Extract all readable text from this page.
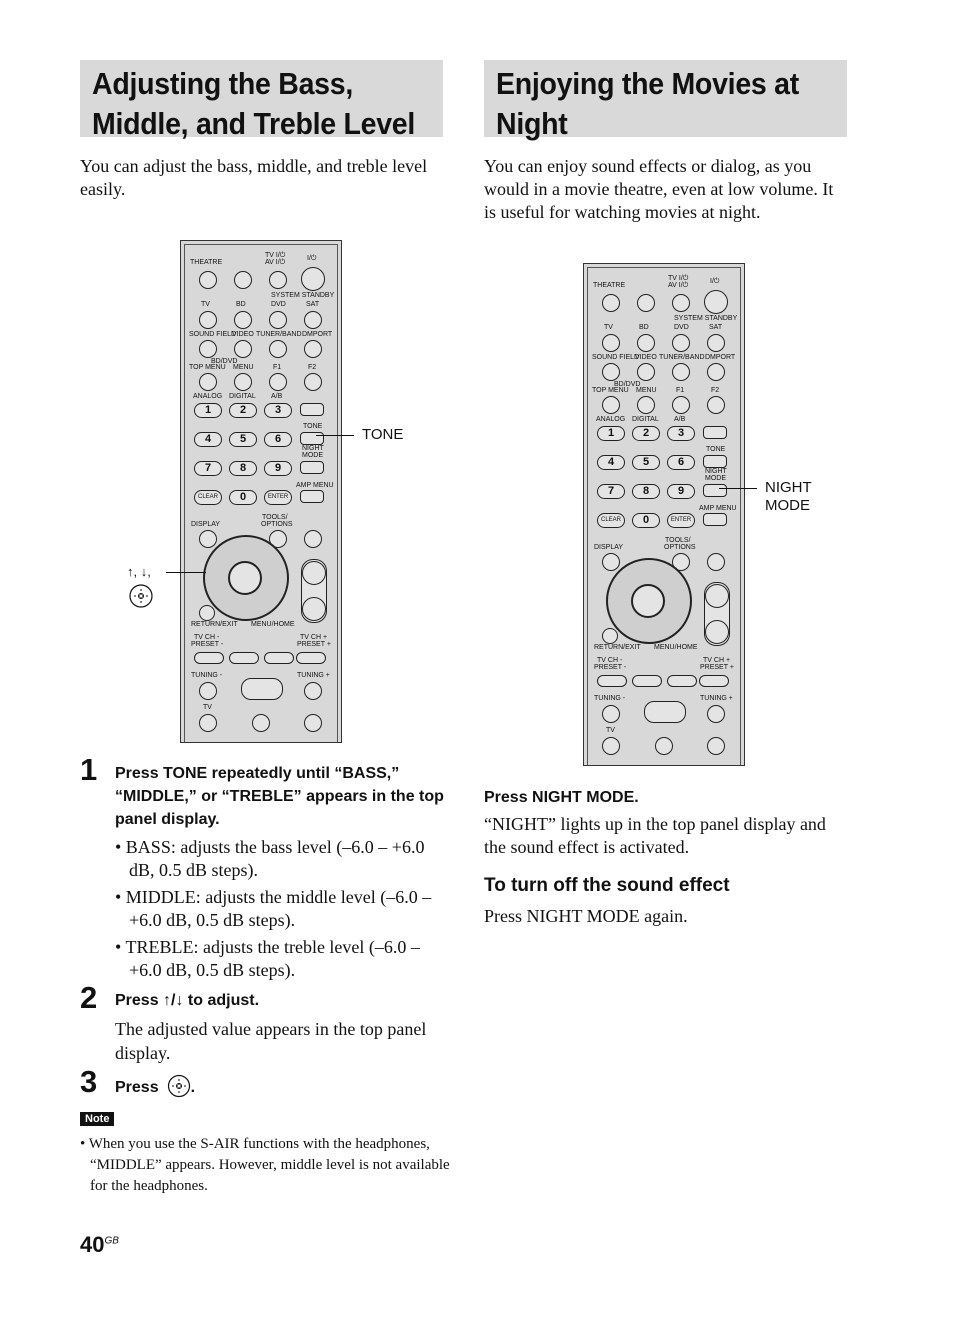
Adjusting the Bass,
Middle, and Treble Level

You can adjust the bass, middle, and treble level easily.

Enjoying the Movies at
Night

You can enjoy sound effects or dialog, as you would in a movie theatre, even at low volume. It is useful for watching movies at night.

THEATRE
TV I/⏻
AV I/⏻
I/⏻
SYSTEM STANDBY
TV	BD	DVD	SAT
SOUND FIELD
VIDEO TUNER/BAND DMPORT
BD/DVD
TOP MENU MENU	F1	F2
ANALOG DIGITAL A/B
1	2	3
4	5	6
7	8	9
0
TONE
NIGHT
MODE
AMP MENU
CLEAR	ENTER
DISPLAY
TOOLS/
OPTIONS
RETURN/EXIT MENU/HOME
TV CH -
PRESET -
TV CH +
PRESET +
TUNING -	TUNING +
TV
THEATRE
TV I/⏻
AV I/⏻
I/⏻
SYSTEM STANDBY
TV	BD	DVD	SAT
SOUND FIELD
VIDEO TUNER/BAND DMPORT
BD/DVD
TOP MENU MENU	F1	F2
ANALOG DIGITAL A/B
1	2	3
4	5	6
7	8	9
0
TONE
NIGHT
MODE
AMP MENU
CLEAR	ENTER
DISPLAY
TOOLS/
OPTIONS
RETURN/EXIT MENU/HOME
TV CH -
PRESET -
TV CH +
PRESET +
TUNING -	TUNING +
TV
TONE
↑, ↓,
NIGHT
MODE
1 Press TONE repeatedly until “BASS,” “MIDDLE,” or “TREBLE” appears in the top panel display.
• BASS: adjusts the bass level (–6.0 – +6.0 dB, 0.5 dB steps).
• MIDDLE: adjusts the middle level (–6.0 – +6.0 dB, 0.5 dB steps).
• TREBLE: adjusts the treble level (–6.0 – +6.0 dB, 0.5 dB steps).
2 Press ↑/↓ to adjust.
The adjusted value appears in the top panel display.
3 Press .
Note
• When you use the S-AIR functions with the headphones, “MIDDLE” appears. However, middle level is not available for the headphones.
Press NIGHT MODE.
“NIGHT” lights up in the top panel display and the sound effect is activated.
To turn off the sound effect
Press NIGHT MODE again.
$40^{GB}$
